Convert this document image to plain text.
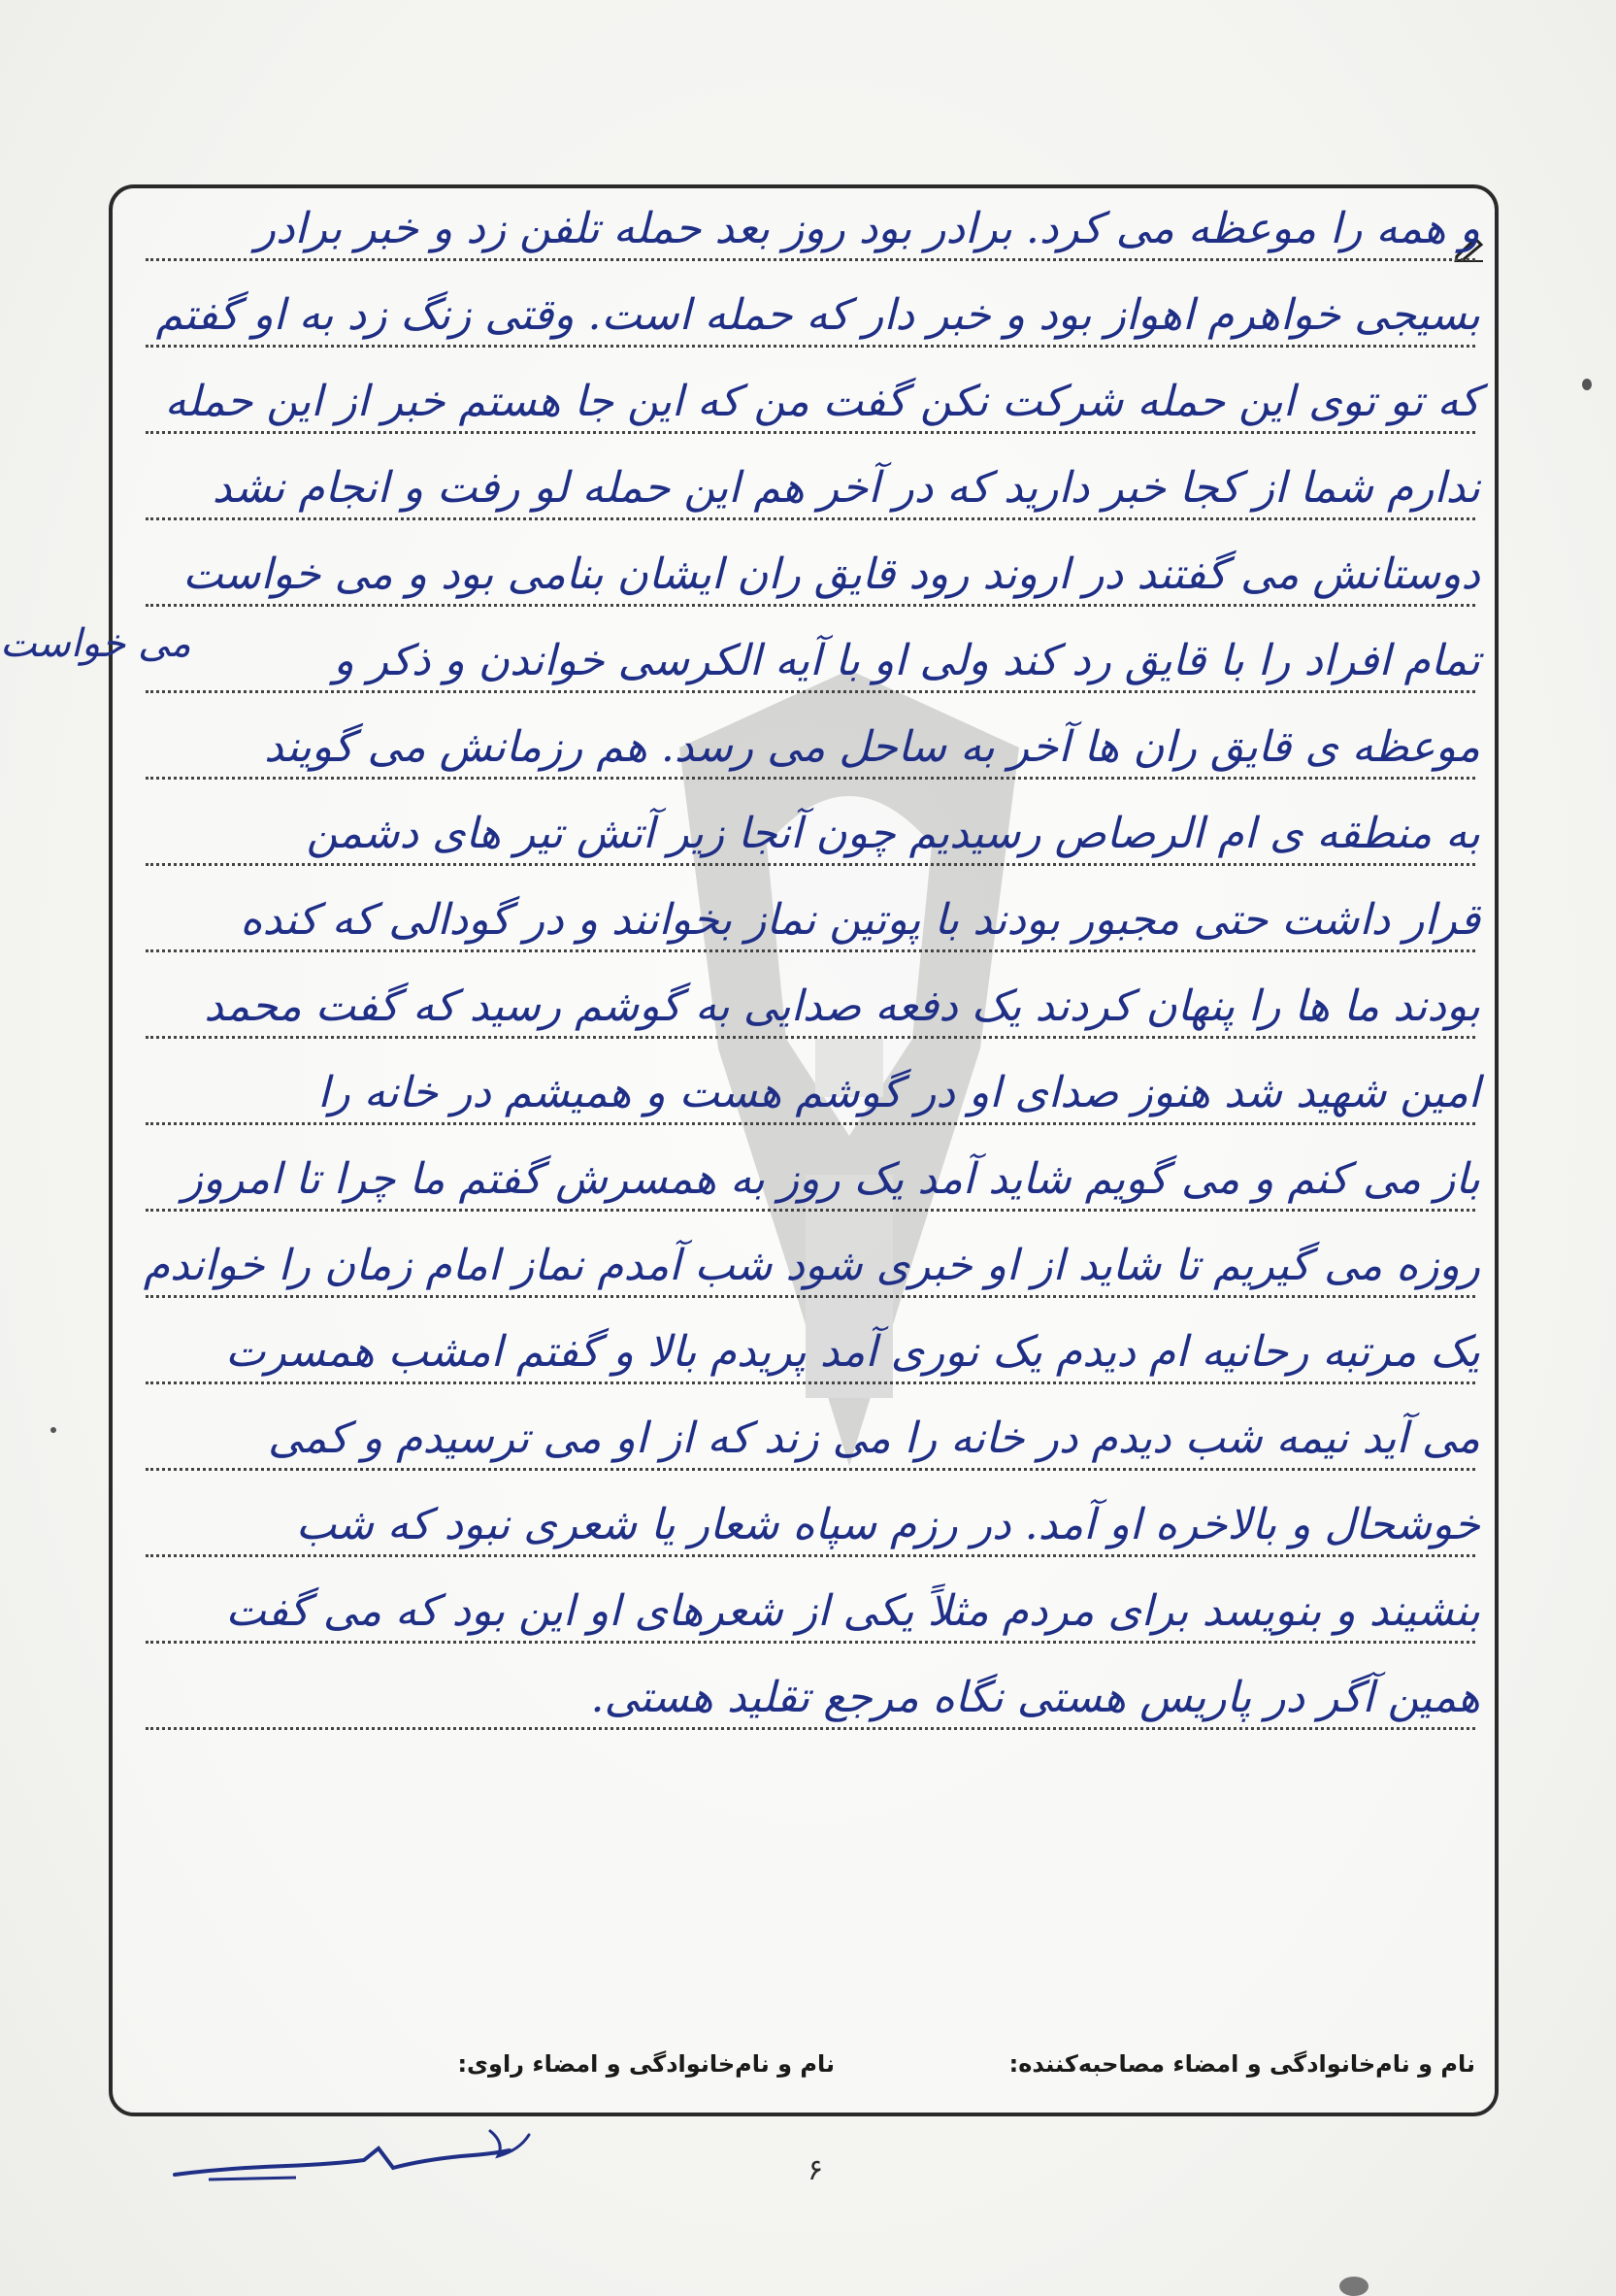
و همه را موعظه می کرد. برادر بود روز بعد حمله تلفن زد و خبر برادر
بسیجی خواهرم اهواز بود و خبر دار که حمله است. وقتی زنگ زد به او گفتم
که تو توی این حمله شرکت نکن گفت من که این جا هستم خبر از این حمله
ندارم شما از کجا خبر دارید که در آخر هم این حمله لو رفت و انجام نشد
دوستانش می گفتند در اروند رود قایق ران ایشان بنامی بود و می خواست
تمام افراد را با قایق رد کند ولی او با آیه الکرسی خواندن و ذکر و
موعظه ی قایق ران ها آخر به ساحل می رسد. هم رزمانش می گویند
به منطقه ی ام الرصاص رسیدیم چون آنجا زیر آتش تیر های دشمن
قرار داشت حتی مجبور بودند با پوتین نماز بخوانند و در گودالی که کنده
بودند ما ها را پنهان کردند یک دفعه صدایی به گوشم رسید که گفت محمد
امین شهید شد هنوز صدای او در گوشم هست و همیشم در خانه را
باز می کنم و می گویم شاید آمد یک روز به همسرش گفتم ما چرا تا امروز
روزه می گیریم تا شاید از او خبری شود شب آمدم نماز امام زمان را خواندم
یک مرتبه رحانیه ام دیدم یک نوری آمد پریدم بالا و گفتم امشب همسرت
می آید نیمه شب دیدم در خانه را می زند که از او می ترسیدم و کمی
خوشحال و بالاخره او آمد. در رزم سپاه شعار یا شعری نبود که شب
بنشیند و بنویسد برای مردم مثلاً یکی از شعرهای او این بود که می گفت
همین آگر در پاریس هستی نگاه مرجع تقلید هستی.
می خواست
نام و نام‌خانوادگی و امضاء مصاحبه‌کننده:
نام و نام‌خانوادگی و امضاء راوی:
۶
